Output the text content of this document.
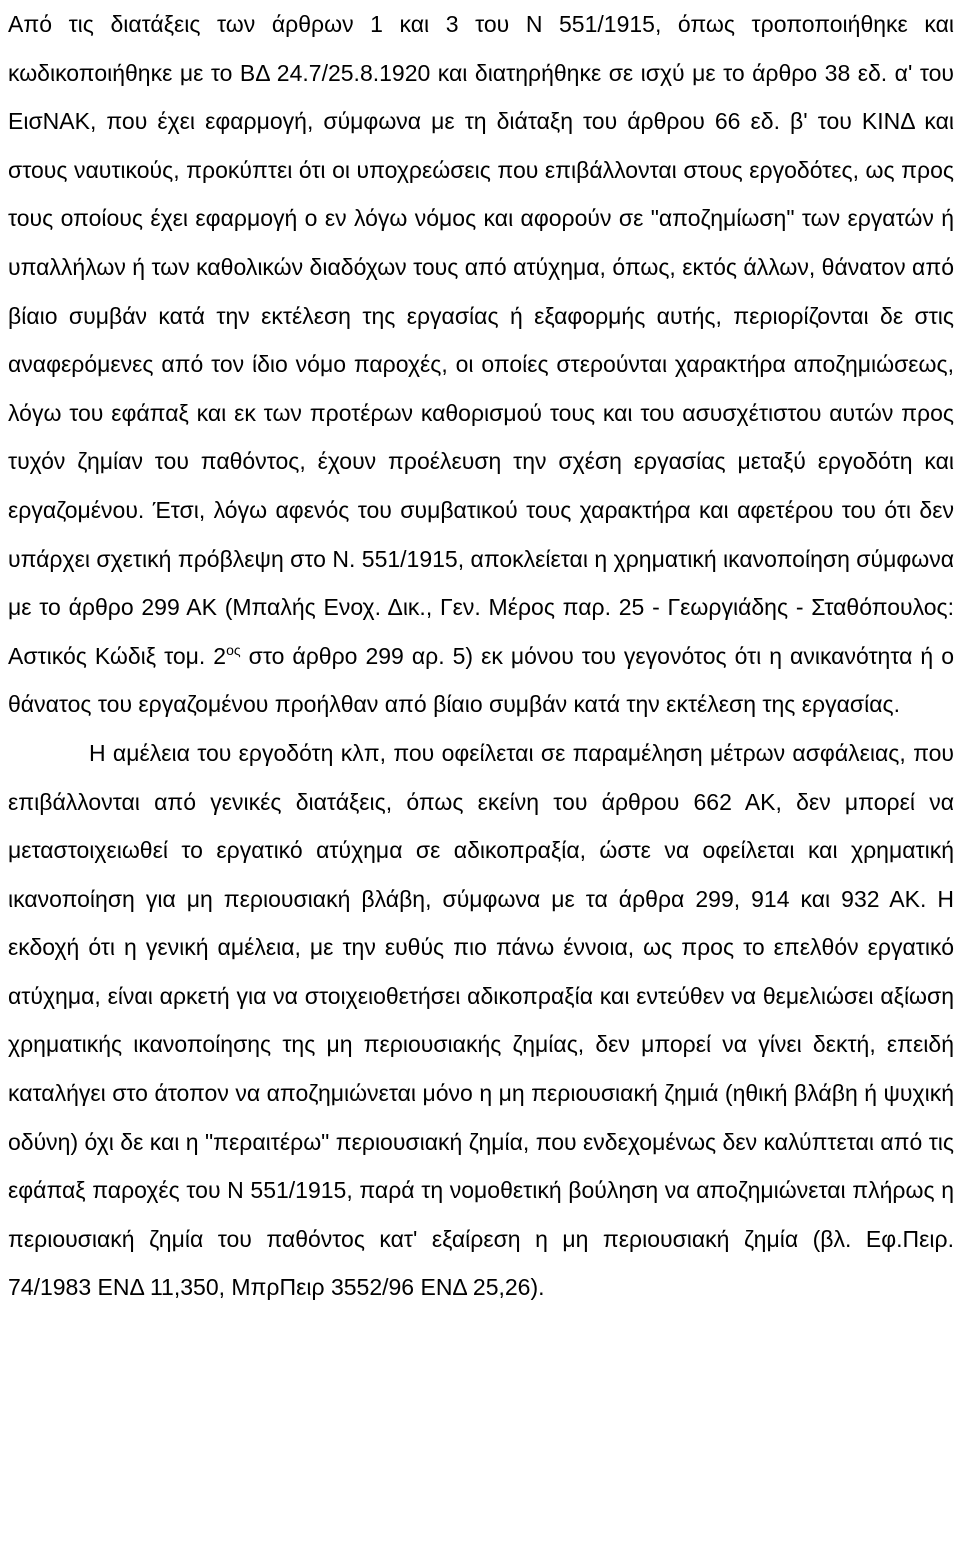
Από τις διατάξεις των άρθρων 1 και 3 του Ν 551/1915, όπως τροποποιήθηκε και κωδικοποιήθηκε με το ΒΔ 24.7/25.8.1920 και διατηρήθηκε σε ισχύ με το άρθρο 38 εδ. α' του ΕισΝΑΚ, που έχει εφαρμογή, σύμφωνα με τη διάταξη του άρθρου 66 εδ. β' του ΚΙΝΔ και στους ναυτικούς, προκύπτει ότι οι υποχρεώσεις που επιβάλλονται στους εργοδότες, ως προς τους οποίους έχει εφαρμογή ο εν λόγω νόμος και αφορούν σε "αποζημίωση" των εργατών ή υπαλλήλων ή των καθολικών διαδόχων τους από ατύχημα, όπως, εκτός άλλων, θάνατον από βίαιο συμβάν κατά την εκτέλεση της εργασίας ή εξαφορμής αυτής, περιορίζονται δε στις αναφερόμενες από τον ίδιο νόμο παροχές, οι οποίες στερούνται χαρακτήρα αποζημιώσεως, λόγω του εφάπαξ και εκ των προτέρων καθορισμού τους και του ασυσχέτιστου αυτών προς τυχόν ζημίαν του παθόντος, έχουν προέλευση την σχέση εργασίας μεταξύ εργοδότη και εργαζομένου. Έτσι, λόγω αφενός του συμβατικού τους χαρακτήρα και αφετέρου του ότι δεν υπάρχει σχετική πρόβλεψη στο Ν. 551/1915, αποκλείεται η χρηματική ικανοποίηση σύμφωνα με το άρθρο 299 ΑΚ (Μπαλής Ενοχ. Δικ., Γεν. Μέρος παρ. 25 - Γεωργιάδης - Σταθόπουλος: Αστικός Κώδιξ τομ. $2^{o\varsigma}$ στο άρθρο 299 αρ. 5) εκ μόνου του γεγονότος ότι η ανικανότητα ή ο θάνατος του εργαζομένου προήλθαν από βίαιο συμβάν κατά την εκτέλεση της εργασίας.

Η αμέλεια του εργοδότη κλπ, που οφείλεται σε παραμέληση μέτρων ασφάλειας, που επιβάλλονται από γενικές διατάξεις, όπως εκείνη του άρθρου 662 ΑΚ, δεν μπορεί να μεταστοιχειωθεί το εργατικό ατύχημα σε αδικοπραξία, ώστε να οφείλεται και χρηματική ικανοποίηση για μη περιουσιακή βλάβη, σύμφωνα με τα άρθρα 299, 914 και 932 ΑΚ. Η εκδοχή ότι η γενική αμέλεια, με την ευθύς πιο πάνω έννοια, ως προς το επελθόν εργατικό ατύχημα, είναι αρκετή για να στοιχειοθετήσει αδικοπραξία και εντεύθεν να θεμελιώσει αξίωση χρηματικής ικανοποίησης της μη περιουσιακής ζημίας, δεν μπορεί να γίνει δεκτή, επειδή καταλήγει στο άτοπον να αποζημιώνεται μόνο η μη περιουσιακή ζημιά (ηθική βλάβη ή ψυχική οδύνη) όχι δε και η "περαιτέρω" περιουσιακή ζημία, που ενδεχομένως δεν καλύπτεται από τις εφάπαξ παροχές του Ν 551/1915, παρά τη νομοθετική βούληση να αποζημιώνεται πλήρως η περιουσιακή ζημία του παθόντος κατ' εξαίρεση η μη περιουσιακή ζημία (βλ. Εφ.Πειρ. 74/1983 ΕΝΔ 11,350, ΜπρΠειρ 3552/96 ΕΝΔ 25,26).
